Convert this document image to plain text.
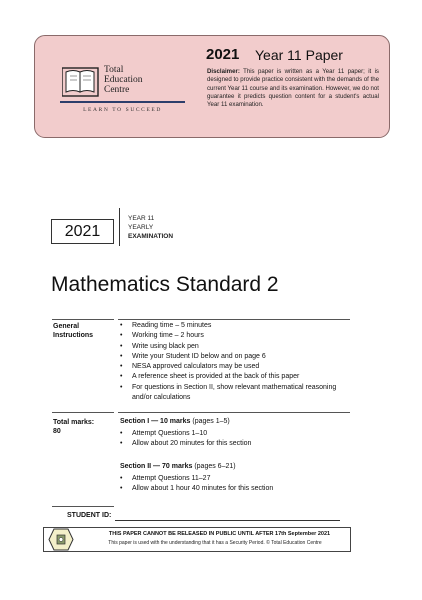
Total
Education
Centre
LEARN TO SUCCEED
2021 Year 11 Paper
Disclaimer: This paper is written as a Year 11 paper; it is designed to provide practice consistent with the demands of the current Year 11 course and its examination. However, we do not guarantee it predicts question content for a student's actual Year 11 examination.
2021
YEAR 11
YEARLY
EXAMINATION
Mathematics Standard 2
General
Instructions
• Reading time – 5 minutes
• Working time – 2 hours
• Write using black pen
• Write your Student ID below and on page 6
• NESA approved calculators may be used
• A reference sheet is provided at the back of this paper
• For questions in Section II, show relevant mathematical reasoning and/or calculations
Total marks:
80
Section I — 10 marks (pages 1–5)
• Attempt Questions 1–10
• Allow about 20 minutes for this section
Section II — 70 marks (pages 6–21)
• Attempt Questions 11–27
• Allow about 1 hour 40 minutes for this section
STUDENT ID:
THIS PAPER CANNOT BE RELEASED IN PUBLIC UNTIL AFTER 17th September 2021
This paper is used with the understanding that it has a Security Period. © Total Education Centre
